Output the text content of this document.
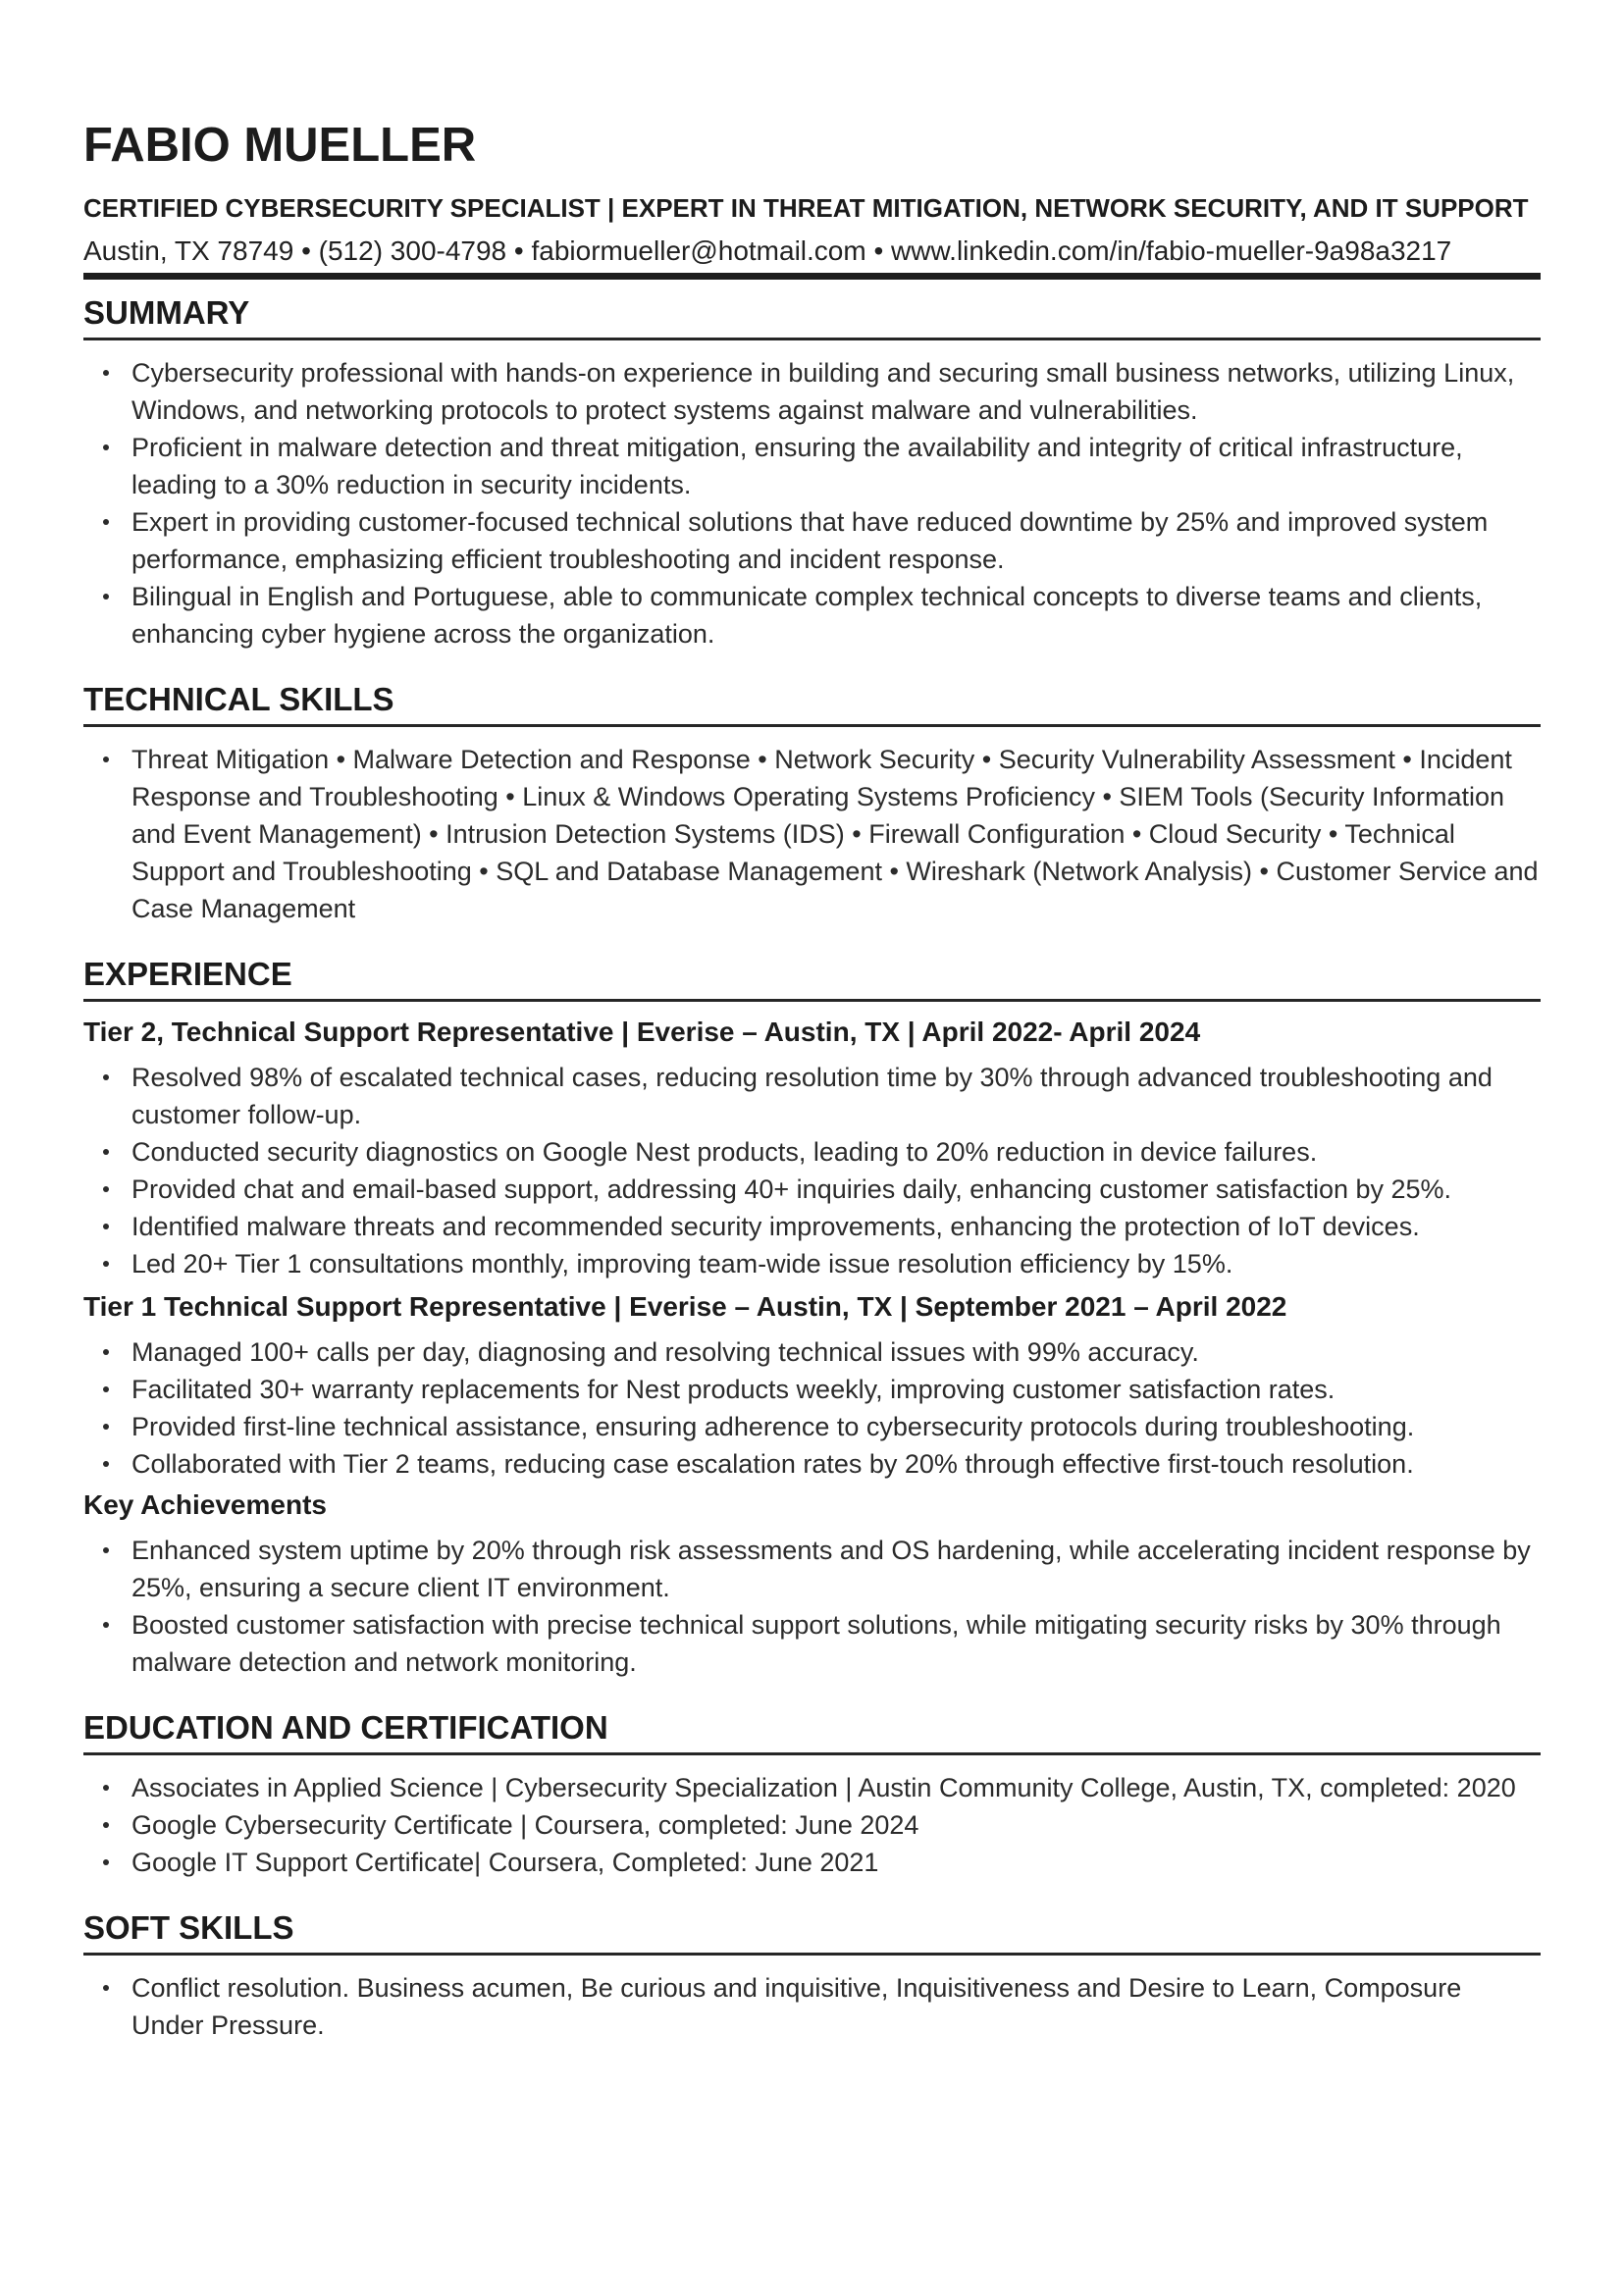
FABIO MUELLER

CERTIFIED CYBERSECURITY SPECIALIST | EXPERT IN THREAT MITIGATION, NETWORK SECURITY, AND IT SUPPORT

Austin, TX 78749 • (512) 300-4798 • fabiormueller@hotmail.com • www.linkedin.com/in/fabio-mueller-9a98a3217

SUMMARY
Cybersecurity professional with hands-on experience in building and securing small business networks, utilizing Linux, Windows, and networking protocols to protect systems against malware and vulnerabilities.
Proficient in malware detection and threat mitigation, ensuring the availability and integrity of critical infrastructure, leading to a 30% reduction in security incidents.
Expert in providing customer-focused technical solutions that have reduced downtime by 25% and improved system performance, emphasizing efficient troubleshooting and incident response.
Bilingual in English and Portuguese, able to communicate complex technical concepts to diverse teams and clients, enhancing cyber hygiene across the organization.
TECHNICAL SKILLS
Threat Mitigation • Malware Detection and Response • Network Security • Security Vulnerability Assessment • Incident Response and Troubleshooting • Linux & Windows Operating Systems Proficiency • SIEM Tools (Security Information and Event Management) • Intrusion Detection Systems (IDS) • Firewall Configuration • Cloud Security • Technical Support and Troubleshooting • SQL and Database Management • Wireshark (Network Analysis) • Customer Service and Case Management
EXPERIENCE
Tier 2, Technical Support Representative | Everise – Austin, TX | April 2022- April 2024
Resolved 98% of escalated technical cases, reducing resolution time by 30% through advanced troubleshooting and customer follow-up.
Conducted security diagnostics on Google Nest products, leading to 20% reduction in device failures.
Provided chat and email-based support, addressing 40+ inquiries daily, enhancing customer satisfaction by 25%.
Identified malware threats and recommended security improvements, enhancing the protection of IoT devices.
Led 20+ Tier 1 consultations monthly, improving team-wide issue resolution efficiency by 15%.
Tier 1 Technical Support Representative | Everise – Austin, TX | September 2021 – April 2022
Managed 100+ calls per day, diagnosing and resolving technical issues with 99% accuracy.
Facilitated 30+ warranty replacements for Nest products weekly, improving customer satisfaction rates.
Provided first-line technical assistance, ensuring adherence to cybersecurity protocols during troubleshooting.
Collaborated with Tier 2 teams, reducing case escalation rates by 20% through effective first-touch resolution.
Key Achievements
Enhanced system uptime by 20% through risk assessments and OS hardening, while accelerating incident response by 25%, ensuring a secure client IT environment.
Boosted customer satisfaction with precise technical support solutions, while mitigating security risks by 30% through malware detection and network monitoring.
EDUCATION AND CERTIFICATION
Associates in Applied Science | Cybersecurity Specialization | Austin Community College, Austin, TX, completed: 2020
Google Cybersecurity Certificate | Coursera, completed: June 2024
Google IT Support Certificate| Coursera, Completed: June 2021
SOFT SKILLS
Conflict resolution. Business acumen, Be curious and inquisitive, Inquisitiveness and Desire to Learn, Composure Under Pressure.
